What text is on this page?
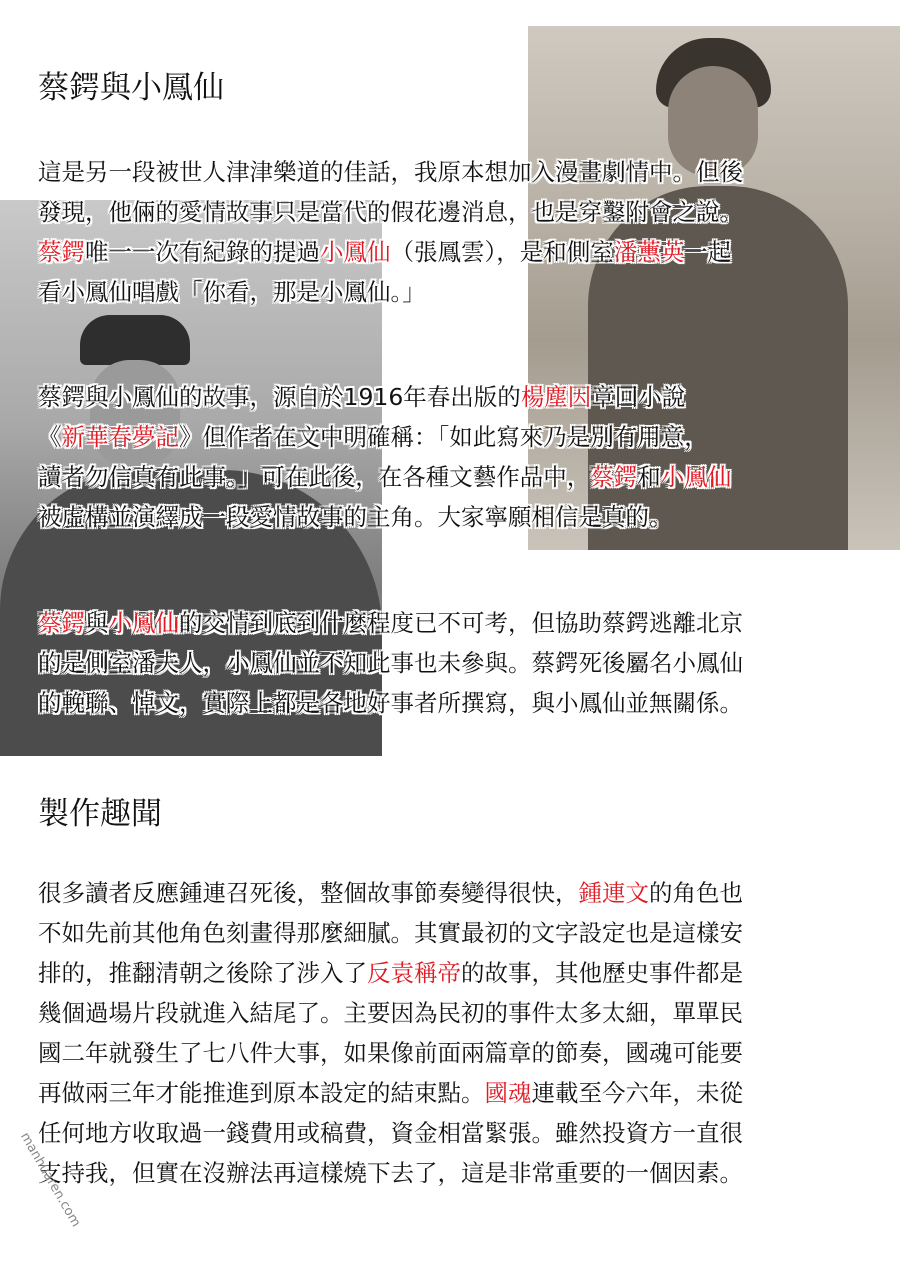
蔡鍔與小鳳仙
這是另一段被世人津津樂道的佳話，我原本想加入漫畫劇情中。但後
發現，他倆的愛情故事只是當代的假花邊消息，也是穿鑿附會之說。
蔡鍔唯一一次有紀錄的提過小鳳仙（張鳳雲），是和側室潘蕙英一起
看小鳳仙唱戲「你看，那是小鳳仙。」
蔡鍔與小鳳仙的故事，源自於1916年春出版的楊塵因章回小說
《新華春夢記》但作者在文中明確稱：「如此寫來乃是別有用意，
讀者勿信真有此事。」可在此後，在各種文藝作品中，蔡鍔和小鳳仙
被虛構並演繹成一段愛情故事的主角。大家寧願相信是真的。
蔡鍔與小鳳仙的交情到底到什麼程度已不可考，但協助蔡鍔逃離北京
的是側室潘夫人，小鳳仙並不知此事也未參與。蔡鍔死後屬名小鳳仙
的輓聯、悼文，實際上都是各地好事者所撰寫，與小鳳仙並無關係。
製作趣聞
很多讀者反應鍾連召死後，整個故事節奏變得很快，鍾連文的角色也
不如先前其他角色刻畫得那麼細膩。其實最初的文字設定也是這樣安
排的，推翻清朝之後除了涉入了反袁稱帝的故事，其他歷史事件都是
幾個過場片段就進入結尾了。主要因為民初的事件太多太細，單單民
國二年就發生了七八件大事，如果像前面兩篇章的節奏，國魂可能要
再做兩三年才能推進到原本設定的結束點。國魂連載至今六年，未從
任何地方收取過一錢費用或稿費，資金相當緊張。雖然投資方一直很
支持我，但實在沒辦法再這樣燒下去了，這是非常重要的一個因素。
manhuaren.com
